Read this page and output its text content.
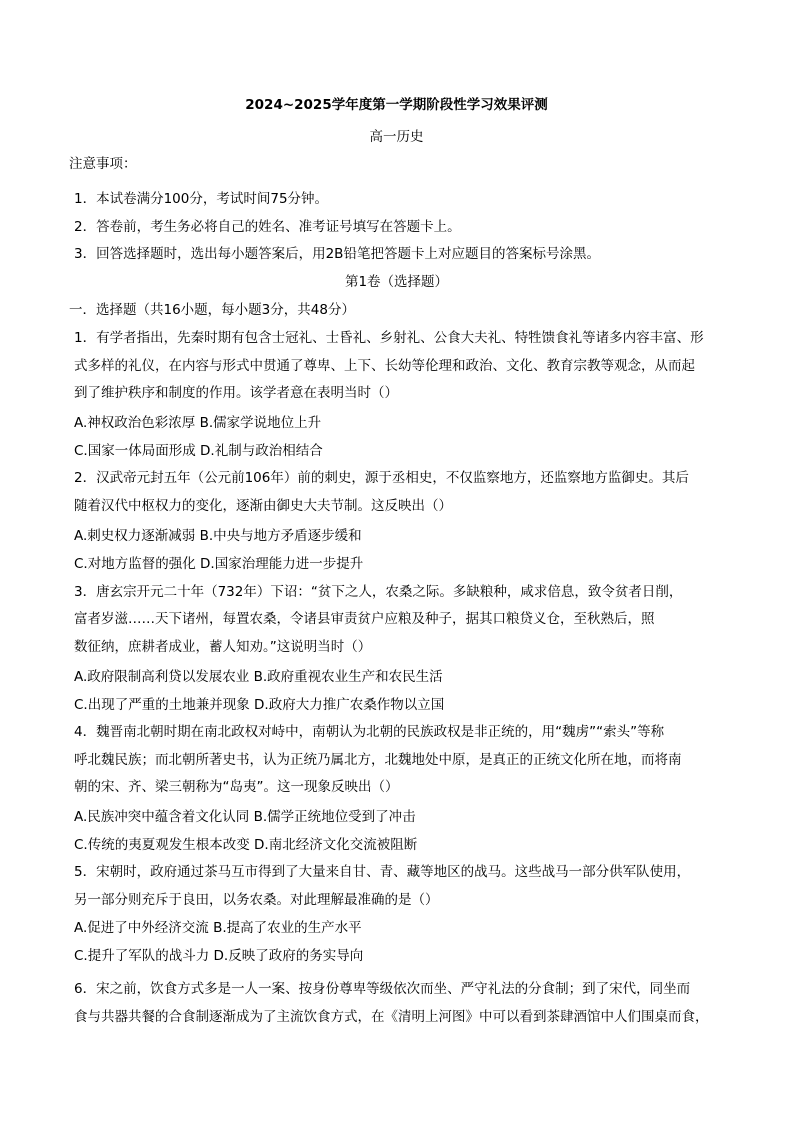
2024~2025学年度第一学期阶段性学习效果评测
高一历史
注意事项：
1．本试卷满分100分，考试时间75分钟。
2．答卷前，考生务必将自己的姓名、准考证号填写在答题卡上。
3．回答选择题时，选出每小题答案后，用2B铅笔把答题卡上对应题目的答案标号涂黑。
第1卷（选择题）
一．选择题（共16小题，每小题3分，共48分）
1．有学者指出，先秦时期有包含士冠礼、士昏礼、乡射礼、公食大夫礼、特牲馈食礼等诸多内容丰富、形
式多样的礼仪，在内容与形式中贯通了尊卑、上下、长幼等伦理和政治、文化、教育宗教等观念，从而起
到了维护秩序和制度的作用。该学者意在表明当时（）
A.神权政治色彩浓厚 B.儒家学说地位上升
C.国家一体局面形成 D.礼制与政治相结合
2．汉武帝元封五年（公元前106年）前的刺史，源于丞相史，不仅监察地方，还监察地方监御史。其后
随着汉代中枢权力的变化，逐渐由御史大夫节制。这反映出（）
A.刺史权力逐渐减弱 B.中央与地方矛盾逐步缓和
C.对地方监督的强化 D.国家治理能力进一步提升
3．唐玄宗开元二十年（732年）下诏：“贫下之人，农桑之际。多缺粮种，咸求倍息，致令贫者日削，
富者岁滋……天下诸州，每置农桑，令诸县审责贫户应粮及种子，据其口粮贷义仓，至秋熟后，照
数征纳，庶耕者成业，蓄人知劝。”这说明当时（）
A.政府限制高利贷以发展农业 B.政府重视农业生产和农民生活
C.出现了严重的土地兼并现象 D.政府大力推广农桑作物以立国
4．魏晋南北朝时期在南北政权对峙中，南朝认为北朝的民族政权是非正统的，用“魏虏”“索头”等称
呼北魏民族；而北朝所著史书，认为正统乃属北方，北魏地处中原，是真正的正统文化所在地，而将南
朝的宋、齐、梁三朝称为“岛夷”。这一现象反映出（）
A.民族冲突中蕴含着文化认同 B.儒学正统地位受到了冲击
C.传统的夷夏观发生根本改变 D.南北经济文化交流被阻断
5．宋朝时，政府通过茶马互市得到了大量来自甘、青、藏等地区的战马。这些战马一部分供军队使用，
另一部分则充斥于良田，以务农桑。对此理解最准确的是（）
A.促进了中外经济交流 B.提高了农业的生产水平
C.提升了军队的战斗力 D.反映了政府的务实导向
6．宋之前，饮食方式多是一人一案、按身份尊卑等级依次而坐、严守礼法的分食制；到了宋代，同坐而
食与共器共餐的合食制逐渐成为了主流饮食方式，在《清明上河图》中可以看到茶肆酒馆中人们围桌而食，
